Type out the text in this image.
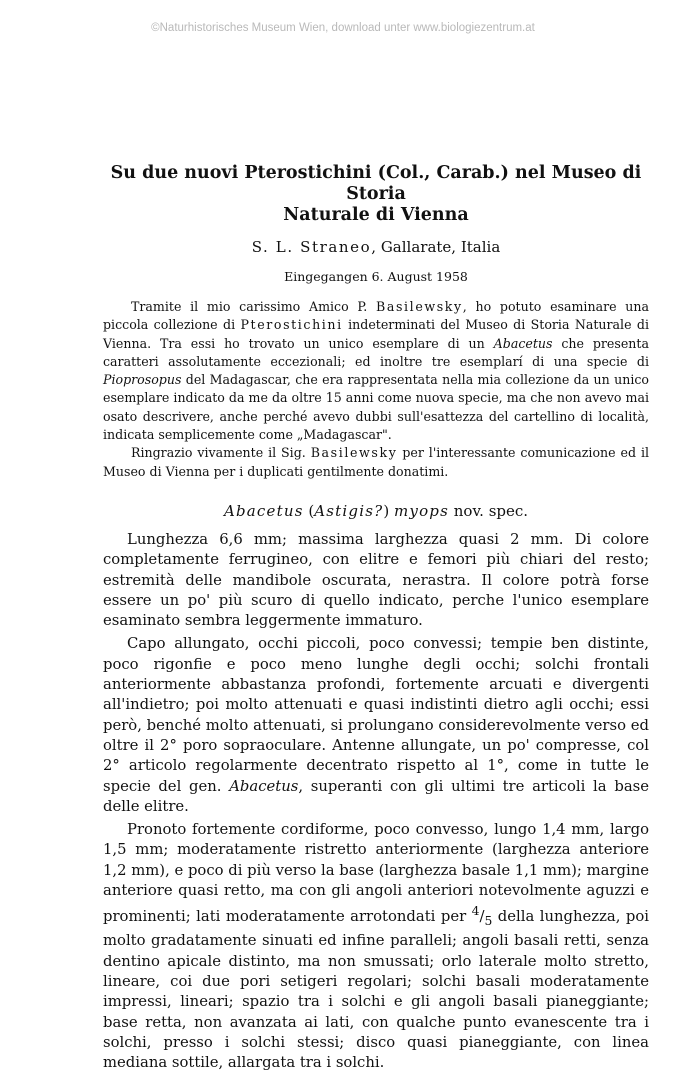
©Naturhistorisches Museum Wien, download unter www.biologiezentrum.at
Su due nuovi Pterostichini (Col., Carab.) nel Museo di Storia
Naturale di Vienna
S. L. Straneo, Gallarate, Italia
Eingegangen 6. August 1958

Tramite il mio carissimo Amico P. Basilewsky, ho potuto esaminare una piccola collezione di Pterostichini indeterminati del Museo di Storia Naturale di Vienna. Tra essi ho trovato un unico esemplare di un Abacetus che presenta caratteri assolutamente eccezionali; ed inoltre tre esemplarí di una specie di Pioprosopus del Madagascar, che era rappresentata nella mia collezione da un unico esemplare indicato da me da oltre 15 anni come nuova specie, ma che non avevo mai osato descrivere, anche perché avevo dubbi sull'esattezza del cartellino di località, indicata semplicemente come „Madagascar".

Ringrazio vivamente il Sig. Basilewsky per l'interessante comunicazione ed il Museo di Vienna per i duplicati gentilmente donatimi.

Abacetus (Astigis?) myops nov. spec.

Lunghezza 6,6 mm; massima larghezza quasi 2 mm. Di colore completamente ferrugineo, con elitre e femori più chiari del resto; estremità delle mandibole oscurata, nerastra. Il colore potrà forse essere un po' più scuro di quello indicato, perche l'unico esemplare esaminato sembra leggermente immaturo.

Capo allungato, occhi piccoli, poco convessi; tempie ben distinte, poco rigonfie e poco meno lunghe degli occhi; solchi frontali anteriormente abbastanza profondi, fortemente arcuati e divergenti all'indietro; poi molto attenuati e quasi indistinti dietro agli occhi; essi però, benché molto attenuati, si prolungano considerevolmente verso ed oltre il 2° poro sopraoculare. Antenne allungate, un po' compresse, col 2° articolo regolarmente decentrato rispetto al 1°, come in tutte le specie del gen. Abacetus, superanti con gli ultimi tre articoli la base delle elitre.

Pronoto fortemente cordiforme, poco convesso, lungo 1,4 mm, largo 1,5 mm; moderatamente ristretto anteriormente (larghezza anteriore 1,2 mm), e poco di più verso la base (larghezza basale 1,1 mm); margine anteriore quasi retto, ma con gli angoli anteriori notevolmente aguzzi e prominenti; lati moderatamente arrotondati per $^4/_5$ della lunghezza, poi molto gradatamente sinuati ed infine paralleli; angoli basali retti, senza dentino apicale distinto, ma non smussati; orlo laterale molto stretto, lineare, coi due pori setigeri regolari; solchi basali moderatamente impressi, lineari; spazio tra i solchi e gli angoli basali pianeggiante; base retta, non avanzata ai lati, con qualche punto evanescente tra i solchi, presso i solchi stessi; disco quasi pianeggiante, con linea mediana sottile, allargata tra i solchi.
